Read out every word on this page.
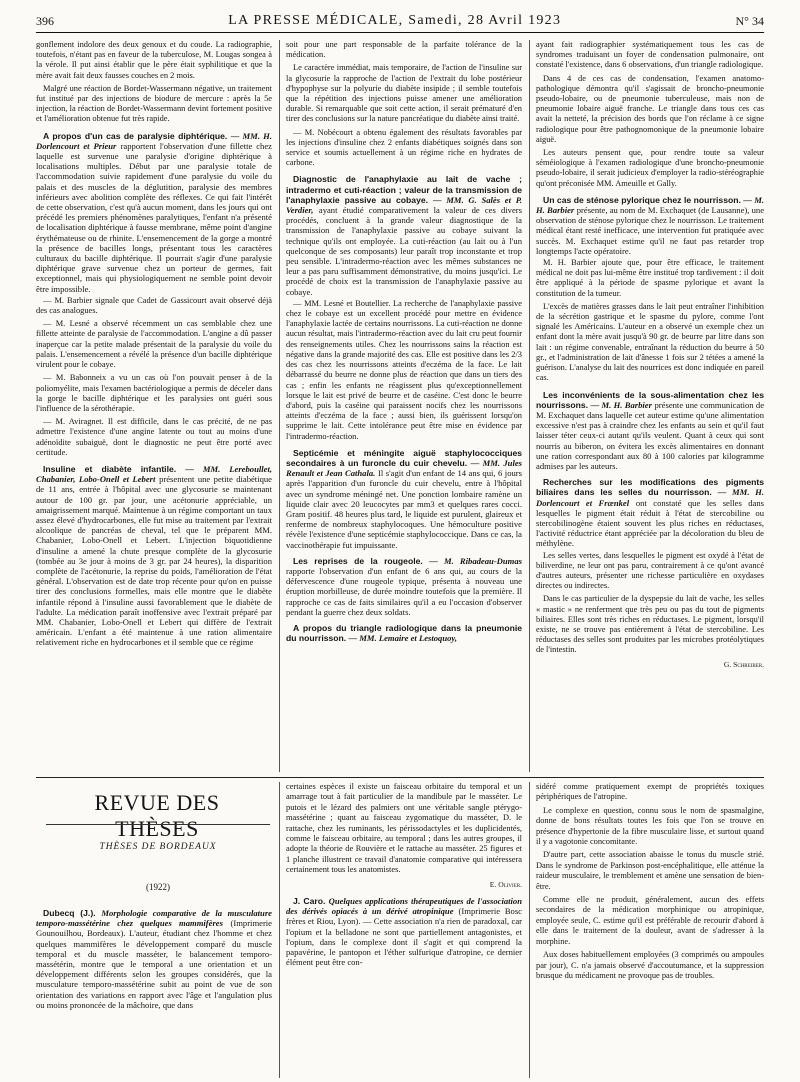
396	LA PRESSE MÉDICALE, Samedi, 28 Avril 1923	N° 34

gonflement indolore des deux genoux et du coude. La radiographie, toutefois, n'étant pas en faveur de la tuberculose, M. Lougas songea à la vérole. Il put ainsi établir que le père était syphilitique et que la mère avait fait deux fausses couches en 2 mois.

Malgré une réaction de Bordet-Wassermann négative, un traitement fut institué par des injections de biodure de mercure : après la 5e injection, la réaction de Bordet-Wassermann devint fortement positive et l'amélioration obtenue fut très rapide.

A propos d'un cas de paralysie diphtérique. — MM. H. Dorlencourt et Prieur rapportent l'observation d'une fillette chez laquelle est survenue une paralysie d'origine diphtérique à localisations multiples. Début par une paralysie totale de l'accommodation suivie rapidement d'une paralysie du voile du palais et des muscles de la déglutition, paralysie des membres inférieurs avec abolition complète des réflexes. Ce qui fait l'intérêt de cette observation, c'est qu'à aucun moment, dans les jours qui ont précédé les premiers phénomènes paralytiques, l'enfant n'a présenté de localisation diphtérique à fausse membrane, même point d'angine érythémateuse ou de rhinite. L'ensemencement de la gorge a montré la présence de bacilles longs, présentant tous les caractères culturaux du bacille diphtérique. Il pourrait s'agir d'une paralysie diphtérique grave survenue chez un porteur de germes, fait exceptionnel, mais qui physiologiquement ne semble point devoir être impossible.

— M. Barbier signale que Cadet de Gassicourt avait observé déjà des cas analogues.

— M. Lesné a observé récemment un cas semblable chez une fillette atteinte de paralysie de l'accommodation. L'angine a dû passer inaperçue car la petite malade présentait de la paralysie du voile du palais. L'ensemencement a révélé la présence d'un bacille diphtérique virulent pour le cobaye.

— M. Babonneix a vu un cas où l'on pouvait penser à de la poliomyélite, mais l'examen bactériologique a permis de déceler dans la gorge le bacille diphtérique et les paralysies ont guéri sous l'influence de la sérothérapie.

— M. Aviragnet. Il est difficile, dans le cas précité, de ne pas admettre l'existence d'une angine latente ou tout au moins d'une adénoïdite subaiguë, dont le diagnostic ne peut être porté avec certitude.

Insuline et diabète infantile. — MM. Lereboullet, Chabanier, Lobo-Onell et Lebert présentent une petite diabétique de 11 ans, entrée à l'hôpital avec une glycosurie se maintenant autour de 100 gr. par jour, une acétonurie appréciable, un amaigrissement marqué. Maintenue à un régime comportant un taux assez élevé d'hydrocarbones, elle fut mise au traitement par l'extrait alcoolique de pancréas de cheval, tel que le préparent MM. Chabanier, Lobo-Onell et Lebert. L'injection biquotidienne d'insuline a amené la chute presque complète de la glycosurie (tombée au 3e jour à moins de 3 gr. par 24 heures), la disparition complète de l'acétonurie, la reprise du poids, l'amélioration de l'état général. L'observation est de date trop récente pour qu'on en puisse tirer des conclusions formelles, mais elle montre que le diabète infantile répond à l'insuline aussi favorablement que le diabète de l'adulte. La médication paraît inoffensive avec l'extrait préparé par MM. Chabanier, Lobo-Onell et Lebert qui diffère de l'extrait américain. L'enfant a été maintenue à une ration alimentaire relativement riche en hydrocarbones et il semble que ce régime

soit pour une part responsable de la parfaite tolérance de la médication.

Le caractère immédiat, mais temporaire, de l'action de l'insuline sur la glycosurie la rapproche de l'action de l'extrait du lobe postérieur d'hypophyse sur la polyurie du diabète insipide ; il semble toutefois que la répétition des injections puisse amener une amélioration durable. Si remarquable que soit cette action, il serait prématuré d'en tirer des conclusions sur la nature pancréatique du diabète ainsi traité.

— M. Nobécourt a obtenu également des résultats favorables par les injections d'insuline chez 2 enfants diabétiques soignés dans son service et soumis actuellement à un régime riche en hydrates de carbone.

Diagnostic de l'anaphylaxie au lait de vache ; intradermo et cuti-réaction ; valeur de la transmission de l'anaphylaxie passive au cobaye. — MM. G. Salès et P. Verdier, ayant étudié comparativement la valeur de ces divers procédés, concluent à la grande valeur diagnostique de la transmission de l'anaphylaxie passive au cobaye suivant la technique qu'ils ont employée. La cuti-réaction (au lait ou à l'un quelconque de ses composants) leur paraît trop inconstante et trop peu sensible. L'intradermo-réaction avec les mêmes substances ne leur a pas paru suffisamment démonstrative, du moins jusqu'ici. Le procédé de choix est la transmission de l'anaphylaxie passive au cobaye.

— MM. Lesné et Boutellier. La recherche de l'anaphylaxie passive chez le cobaye est un excellent procédé pour mettre en évidence l'anaphylaxie lactée de certains nourrissons. La cuti-réaction ne donne aucun résultat, mais l'intradermo-réaction avec du lait cru peut fournir des renseignements utiles. Chez les nourrissons sains la réaction est négative dans la grande majorité des cas. Elle est positive dans les 2/3 des cas chez les nourrissons atteints d'eczéma de la face. Le lait débarrassé du beurre ne donne plus de réaction que dans un tiers des cas ; enfin les enfants ne réagissent plus qu'exceptionnellement lorsque le lait est privé de beurre et de caséine. C'est donc le beurre d'abord, puis la caséine qui paraissent nocifs chez les nourrissons atteints d'eczéma de la face ; aussi bien, ils guérissent lorsqu'on supprime le lait. Cette intolérance peut être mise en évidence par l'intradermo-réaction.

Septicémie et méningite aiguë staphylococciques secondaires à un furoncle du cuir chevelu. — MM. Jules Renault et Jean Cathala. Il s'agit d'un enfant de 14 ans qui, 6 jours après l'apparition d'un furoncle du cuir chevelu, entre à l'hôpital avec un syndrome méningé net. Une ponction lombaire ramène un liquide clair avec 20 leucocytes par mm3 et quelques rares cocci. Gram positif. 48 heures plus tard, le liquide est purulent, glaireux et renferme de nombreux staphylocoques. Une hémoculture positive révèle l'existence d'une septicémie staphylococcique. Dans ce cas, la vaccinothérapie fut impuissante.
Les reprises de la rougeole. — M. Ribadeau-Dumas rapporte l'observation d'un enfant de 6 ans qui, au cours de la défervescence d'une rougeole typique, présenta à nouveau une éruption morbilleuse, de durée moindre toutefois que la première. Il rapproche ce cas de faits similaires qu'il a eu l'occasion d'observer pendant la guerre chez deux soldats.
A propos du triangle radiologique dans la pneumonie du nourrisson. — MM. Lemaire et Lestoquoy,

ayant fait radiographier systématiquement tous les cas de syndromes traduisant un foyer de condensation pulmonaire, ont constaté l'existence, dans 6 observations, d'un triangle radiologique.

Dans 4 de ces cas de condensation, l'examen anatomo-pathologique démontra qu'il s'agissait de broncho-pneumonie pseudo-lobaire, ou de pneumonie tuberculeuse, mais non de pneumonie lobaire aiguë franche. Le triangle dans tous ces cas avait la netteté, la précision des bords que l'on réclame à ce signe radiologique pour être pathognomonique de la pneumonie lobaire aiguë.

Les auteurs pensent que, pour rendre toute sa valeur séméiologique à l'examen radiologique d'une broncho-pneumonie pseudo-lobaire, il serait judicieux d'employer la radio-stéréographie qu'ont préconisée MM. Ameuille et Gally.

Un cas de sténose pylorique chez le nourrisson. — M. H. Barbier présente, au nom de M. Exchaquet (de Lausanne), une observation de sténose pylorique chez le nourrisson. Le traitement médical étant resté inefficace, une intervention fut pratiquée avec succès. M. Exchaquet estime qu'il ne faut pas retarder trop longtemps l'acte opératoire.

M. H. Barbier ajoute que, pour être efficace, le traitement médical ne doit pas lui-même être institué trop tardivement : il doit être appliqué à la période de spasme pylorique et avant la constitution de la tumeur.

L'excès de matières grasses dans le lait peut entraîner l'inhibition de la sécrétion gastrique et le spasme du pylore, comme l'ont signalé les Américains. L'auteur en a observé un exemple chez un enfant dont la mère avait jusqu'à 90 gr. de beurre par litre dans son lait : un régime convenable, entraînant la réduction du beurre à 50 gr., et l'administration de lait d'ânesse 1 fois sur 2 tétées a amené la guérison. L'analyse du lait des nourrices est donc indiquée en pareil cas.

Les inconvénients de la sous-alimentation chez les nourrissons. — M. H. Barbier présente une communication de M. Exchaquet dans laquelle cet auteur estime qu'une alimentation excessive n'est pas à craindre chez les enfants au sein et qu'il faut laisser téter ceux-ci autant qu'ils veulent. Quant à ceux qui sont nourris au biberon, on évitera les excès alimentaires en donnant une ration correspondant aux 80 à 100 calories par kilogramme admises par les auteurs.
Recherches sur les modifications des pigments biliaires dans les selles du nourrisson. — MM. H. Dorlencourt et Frænkel ont constaté que les selles dans lesquelles le pigment était réduit à l'état de stercobiline ou stercobilinogène étaient souvent les plus riches en réductases, l'activité réductrice étant appréciée par la décoloration du bleu de méthylène.

Les selles vertes, dans lesquelles le pigment est oxydé à l'état de biliverdine, ne leur ont pas paru, contrairement à ce qu'ont avancé d'autres auteurs, présenter une richesse particulière en oxydases directes ou indirectes.

Dans le cas particulier de la dyspepsie du lait de vache, les selles « mastic » ne renferment que très peu ou pas du tout de pigments biliaires. Elles sont très riches en réductases. Le pigment, lorsqu'il existe, ne se trouve pas entièrement à l'état de stercobiline. Les réductases des selles sont produites par les microbes protéolytiques de l'intestin.

G. Schreiber.
REVUE DES THÈSES
THÈSES DE BORDEAUX
(1922)
Dubecq (J.). Morphologie comparative de la musculature temporo-massétérine chez quelques mammifères (Imprimerie Gounouilhou, Bordeaux). L'auteur, étudiant chez l'homme et chez quelques mammifères le développement comparé du muscle temporal et du muscle masséter, le balancement temporo-massétérin, montre que le temporal a une orientation et un développement différents selon les groupes considérés, que la musculature temporo-massétérine subit au point de vue de son orientation des variations en rapport avec l'âge et l'angulation plus ou moins prononcée de la mâchoire, que dans

certaines espèces il existe un faisceau orbitaire du temporal et un amarrage tout à fait particulier de la mandibule par le masséter. Le putois et le lézard des palmiers ont une véritable sangle ptérygo-massétérine ; quant au faisceau zygomatique du masséter, D. le rattache, chez les ruminants, les périssodactyles et les duplicidentés, comme le faisceau orbitaire, au temporal ; dans les autres groupes, il adopte la théorie de Rouvière et le rattache au masséter. 25 figures et 1 planche illustrent ce travail d'anatomie comparative qui intéressera certainement tous les anatomistes.

E. Olivier.
J. Caro. Quelques applications thérapeutiques de l'association des dérivés opiacés à un dérivé atropinique (Imprimerie Bosc frères et Riou, Lyon). — Cette association n'a rien de paradoxal, car l'opium et la belladone ne sont que partiellement antagonistes, et l'opium, dans le complexe dont il s'agit et qui comprend la papavérine, le pantopon et l'éther sulfurique d'atropine, ce dernier élément peut être con-

sidéré comme pratiquement exempt de propriétés toxiques périphériques de l'atropine.

Le complexe en question, connu sous le nom de spasmalgine, donne de bons résultats toutes les fois que l'on se trouve en présence d'hypertonie de la fibre musculaire lisse, et surtout quand il y a vagotonie concomitante.

D'autre part, cette association abaisse le tonus du muscle strié. Dans le syndrome de Parkinson post-encéphalitique, elle atténue la raideur musculaire, le tremblement et amène une sensation de bien-être.

Comme elle ne produit, généralement, aucun des effets secondaires de la médication morphinique ou atropinique, employée seule, C. estime qu'il est préférable de recourir d'abord à elle dans le traitement de la douleur, avant de s'adresser à la morphine.

Aux doses habituellement employées (3 comprimés ou ampoules par jour), C. n'a jamais observé d'accoutumance, et la suppression brusque du médicament ne provoque pas de troubles.
